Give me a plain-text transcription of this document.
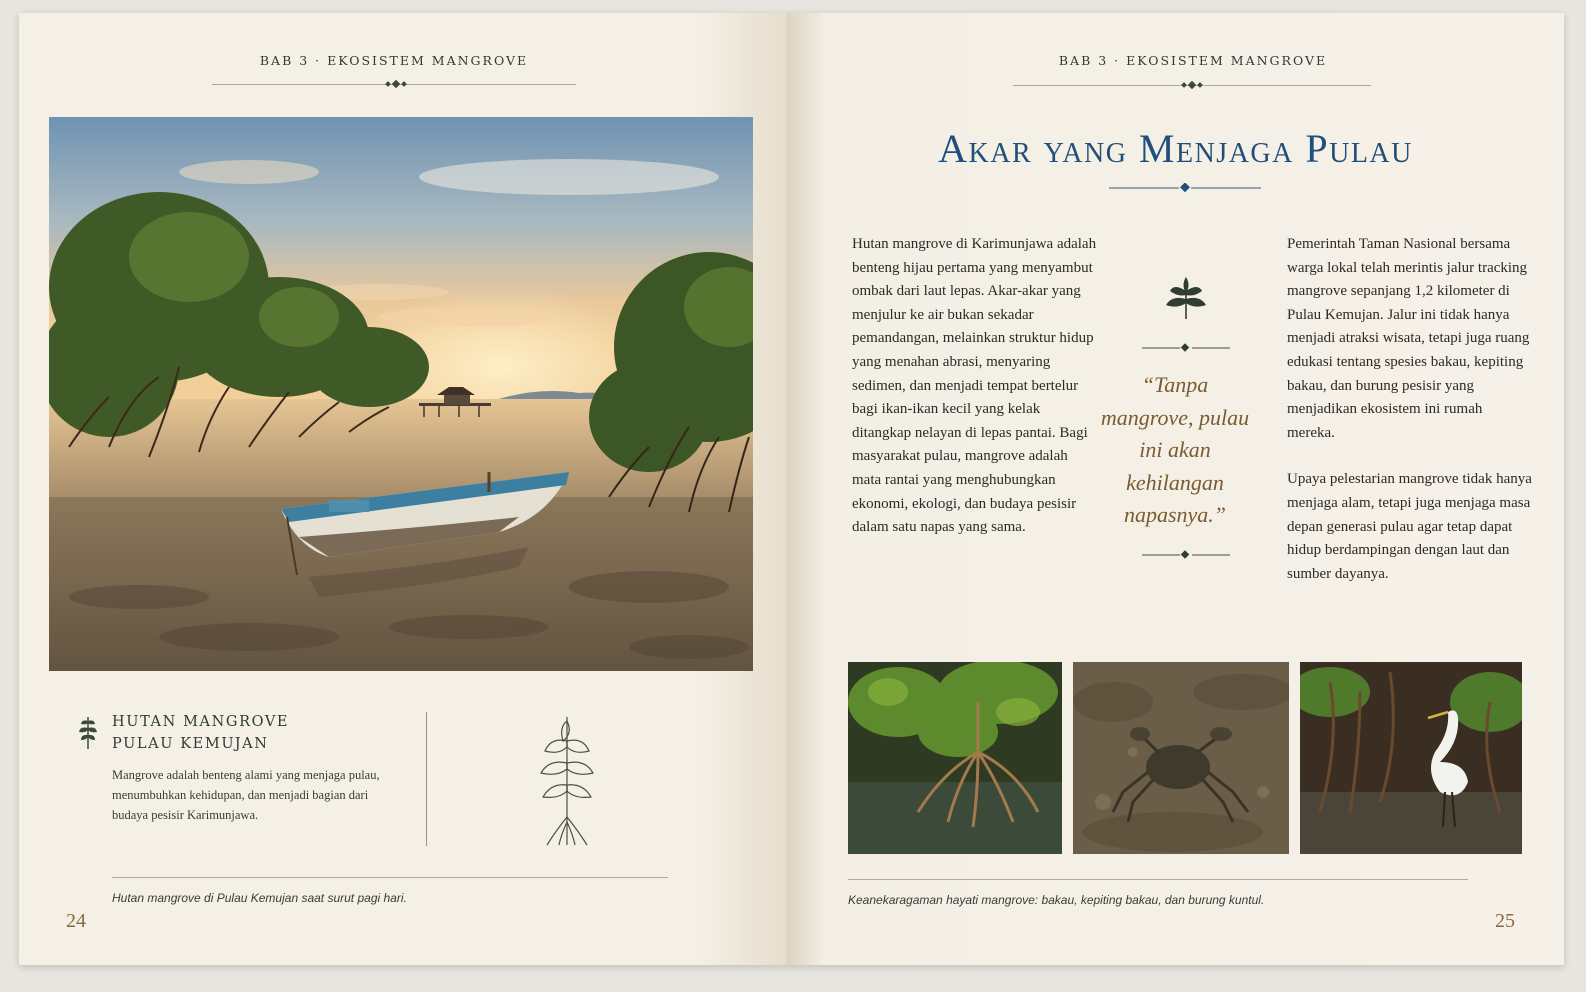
BAB 3 · EKOSISTEM MANGROVE
HUTAN MANGROVE
PULAU KEMUJAN
Mangrove adalah benteng alami yang menjaga pulau, menumbuhkan kehidupan, dan menjadi bagian dari budaya pesisir Karimunjawa.
Hutan mangrove di Pulau Kemujan saat surut pagi hari.
24
BAB 3 · EKOSISTEM MANGROVE
Akar yang Menjaga Pulau

Hutan mangrove di Karimunjawa adalah benteng hijau pertama yang menyambut ombak dari laut lepas. Akar-akar yang menjulur ke air bukan sekadar pemandangan, melainkan struktur hidup yang menahan abrasi, menyaring sedimen, dan menjadi tempat bertelur bagi ikan-ikan kecil yang kelak ditangkap nelayan di lepas pantai. Bagi masyarakat pulau, mangrove adalah mata rantai yang menghubungkan ekonomi, ekologi, dan budaya pesisir dalam satu napas yang sama.

“Tanpa mangrove, pulau ini akan kehilangan napasnya.”

Pemerintah Taman Nasional bersama warga lokal telah merintis jalur tracking mangrove sepanjang 1,2 kilometer di Pulau Kemujan. Jalur ini tidak hanya menjadi atraksi wisata, tetapi juga ruang edukasi tentang spesies bakau, kepiting bakau, dan burung pesisir yang menjadikan ekosistem ini rumah mereka.

Upaya pelestarian mangrove tidak hanya menjaga alam, tetapi juga menjaga masa depan generasi pulau agar tetap dapat hidup berdampingan dengan laut dan sumber dayanya.

Keanekaragaman hayati mangrove: bakau, kepiting bakau, dan burung kuntul.
25
